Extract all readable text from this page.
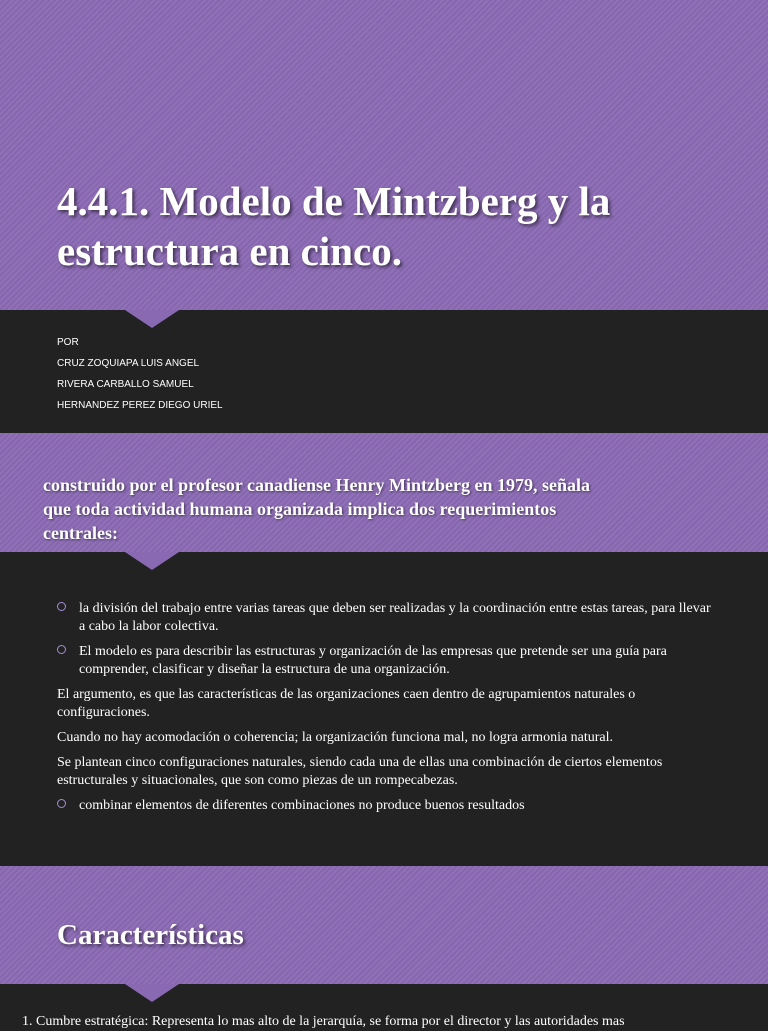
4.4.1. Modelo de Mintzberg y la
estructura en cinco.
POR
CRUZ ZOQUIAPA LUIS ANGEL
RIVERA CARBALLO SAMUEL
HERNANDEZ PEREZ DIEGO URIEL
construido por el profesor canadiense Henry Mintzberg en 1979, señala
que toda actividad humana organizada implica dos requerimientos
centrales:
la división del trabajo entre varias tareas que deben ser realizadas y la coordinación entre estas tareas, para llevar a cabo la labor colectiva.
El modelo es para describir las estructuras y organización de las empresas que pretende ser una guía para comprender, clasificar y diseñar la estructura de una organización.
El argumento, es que las características de las organizaciones caen dentro de agrupamientos naturales o configuraciones.
Cuando no hay acomodación o coherencia; la organización funciona mal, no logra armonia natural.
Se plantean cinco configuraciones naturales, siendo cada una de ellas una combinación de ciertos elementos estructurales y situacionales, que son como piezas de un rompecabezas.
combinar elementos de diferentes combinaciones no produce buenos resultados
Características
1. Cumbre estratégica: Representa lo mas alto de la jerarquía, se forma por el director y las autoridades mas
